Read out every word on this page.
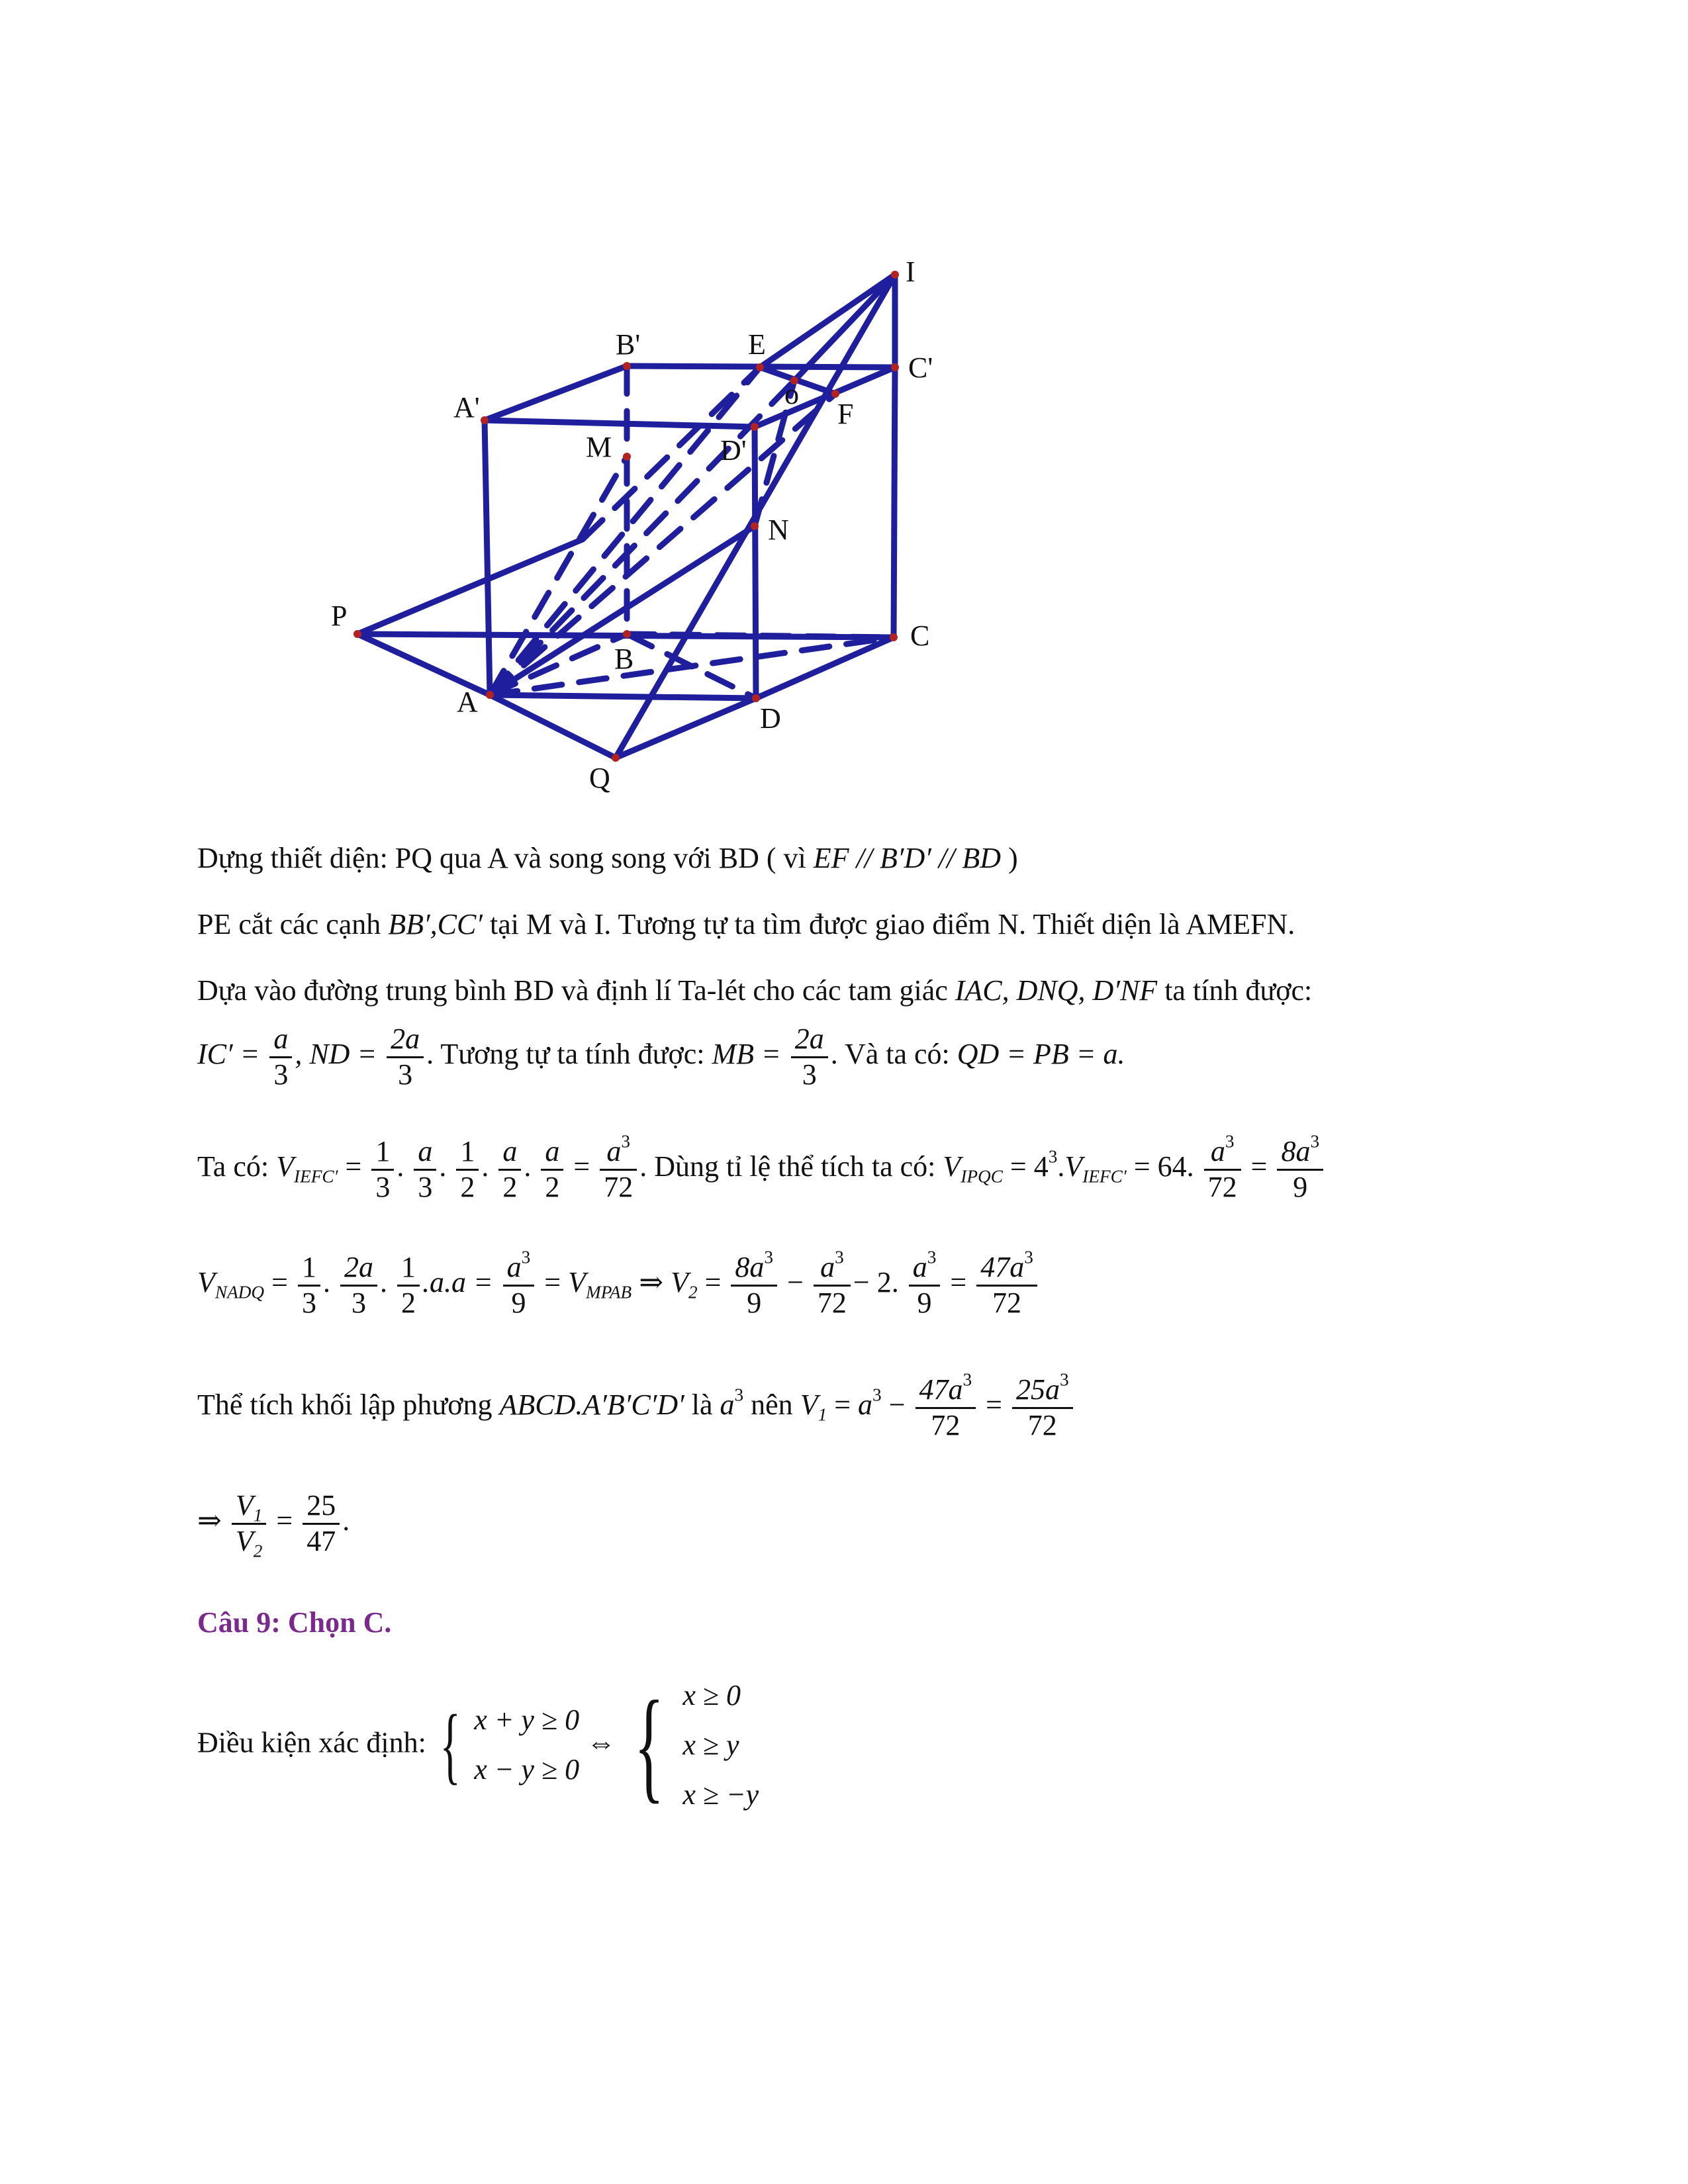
A'
B'
C'
D'
E
o
F
I
M
N
P
B
C
A
D
Q
Dựng thiết diện: PQ qua A và song song với BD ( vì EF // B′D′ // BD )
PE cắt các cạnh BB′,CC′ tại M và I. Tương tự ta tìm được giao điểm N. Thiết diện là AMEFN.
Dựa vào đường trung bình BD và định lí Ta-lét cho các tam giác IAC, DNQ, D′NF ta tính được:
$IC' = \frac{a}{3}$ , ND = $\frac{2a}{3}$ . Tương tự ta tính được: MB = $\frac{2a}{3}$ . Và ta có: QD = PB = a.
Ta có: $V_{IEFC'} = \frac{1}{3}$ . $\frac{a}{3}$ . $\frac{1}{2}$ . $\frac{a}{2}$ . $\frac{a}{2} = \frac{a^3}{72}$ . Dùng tỉ lệ thể tích ta có: $V_{IPQC} = 4^3.V_{IEFC'} = 64$. $\frac{a^3}{72} = \frac{8a^3}{9}$
$V_{NADQ} = \frac{1}{3}$ . $\frac{2a}{3}$ . $\frac{1}{2} .a.a = \frac{a^3}{9} = V_{MPAB}$ ⇒ $V_2 = \frac{8a^3}{9} - \frac{a^3}{72} - 2$. $\frac{a^3}{9} = \frac{47a^3}{72}$
Thể tích khối lập phương ABCD.A′B′C′D′ là $a^3$ nên $V_1 = a^3 - \frac{47a^3}{72} = \frac{25a^3}{72}$
⇒ $\frac{V_1}{V_2} = \frac{25}{47}$ .
Câu 9: Chọn C.
Điều kiện xác định: { x + y ≥ 0
x − y ≥ 0
⇔ { x ≥ 0
x ≥ y
x ≥ −y
